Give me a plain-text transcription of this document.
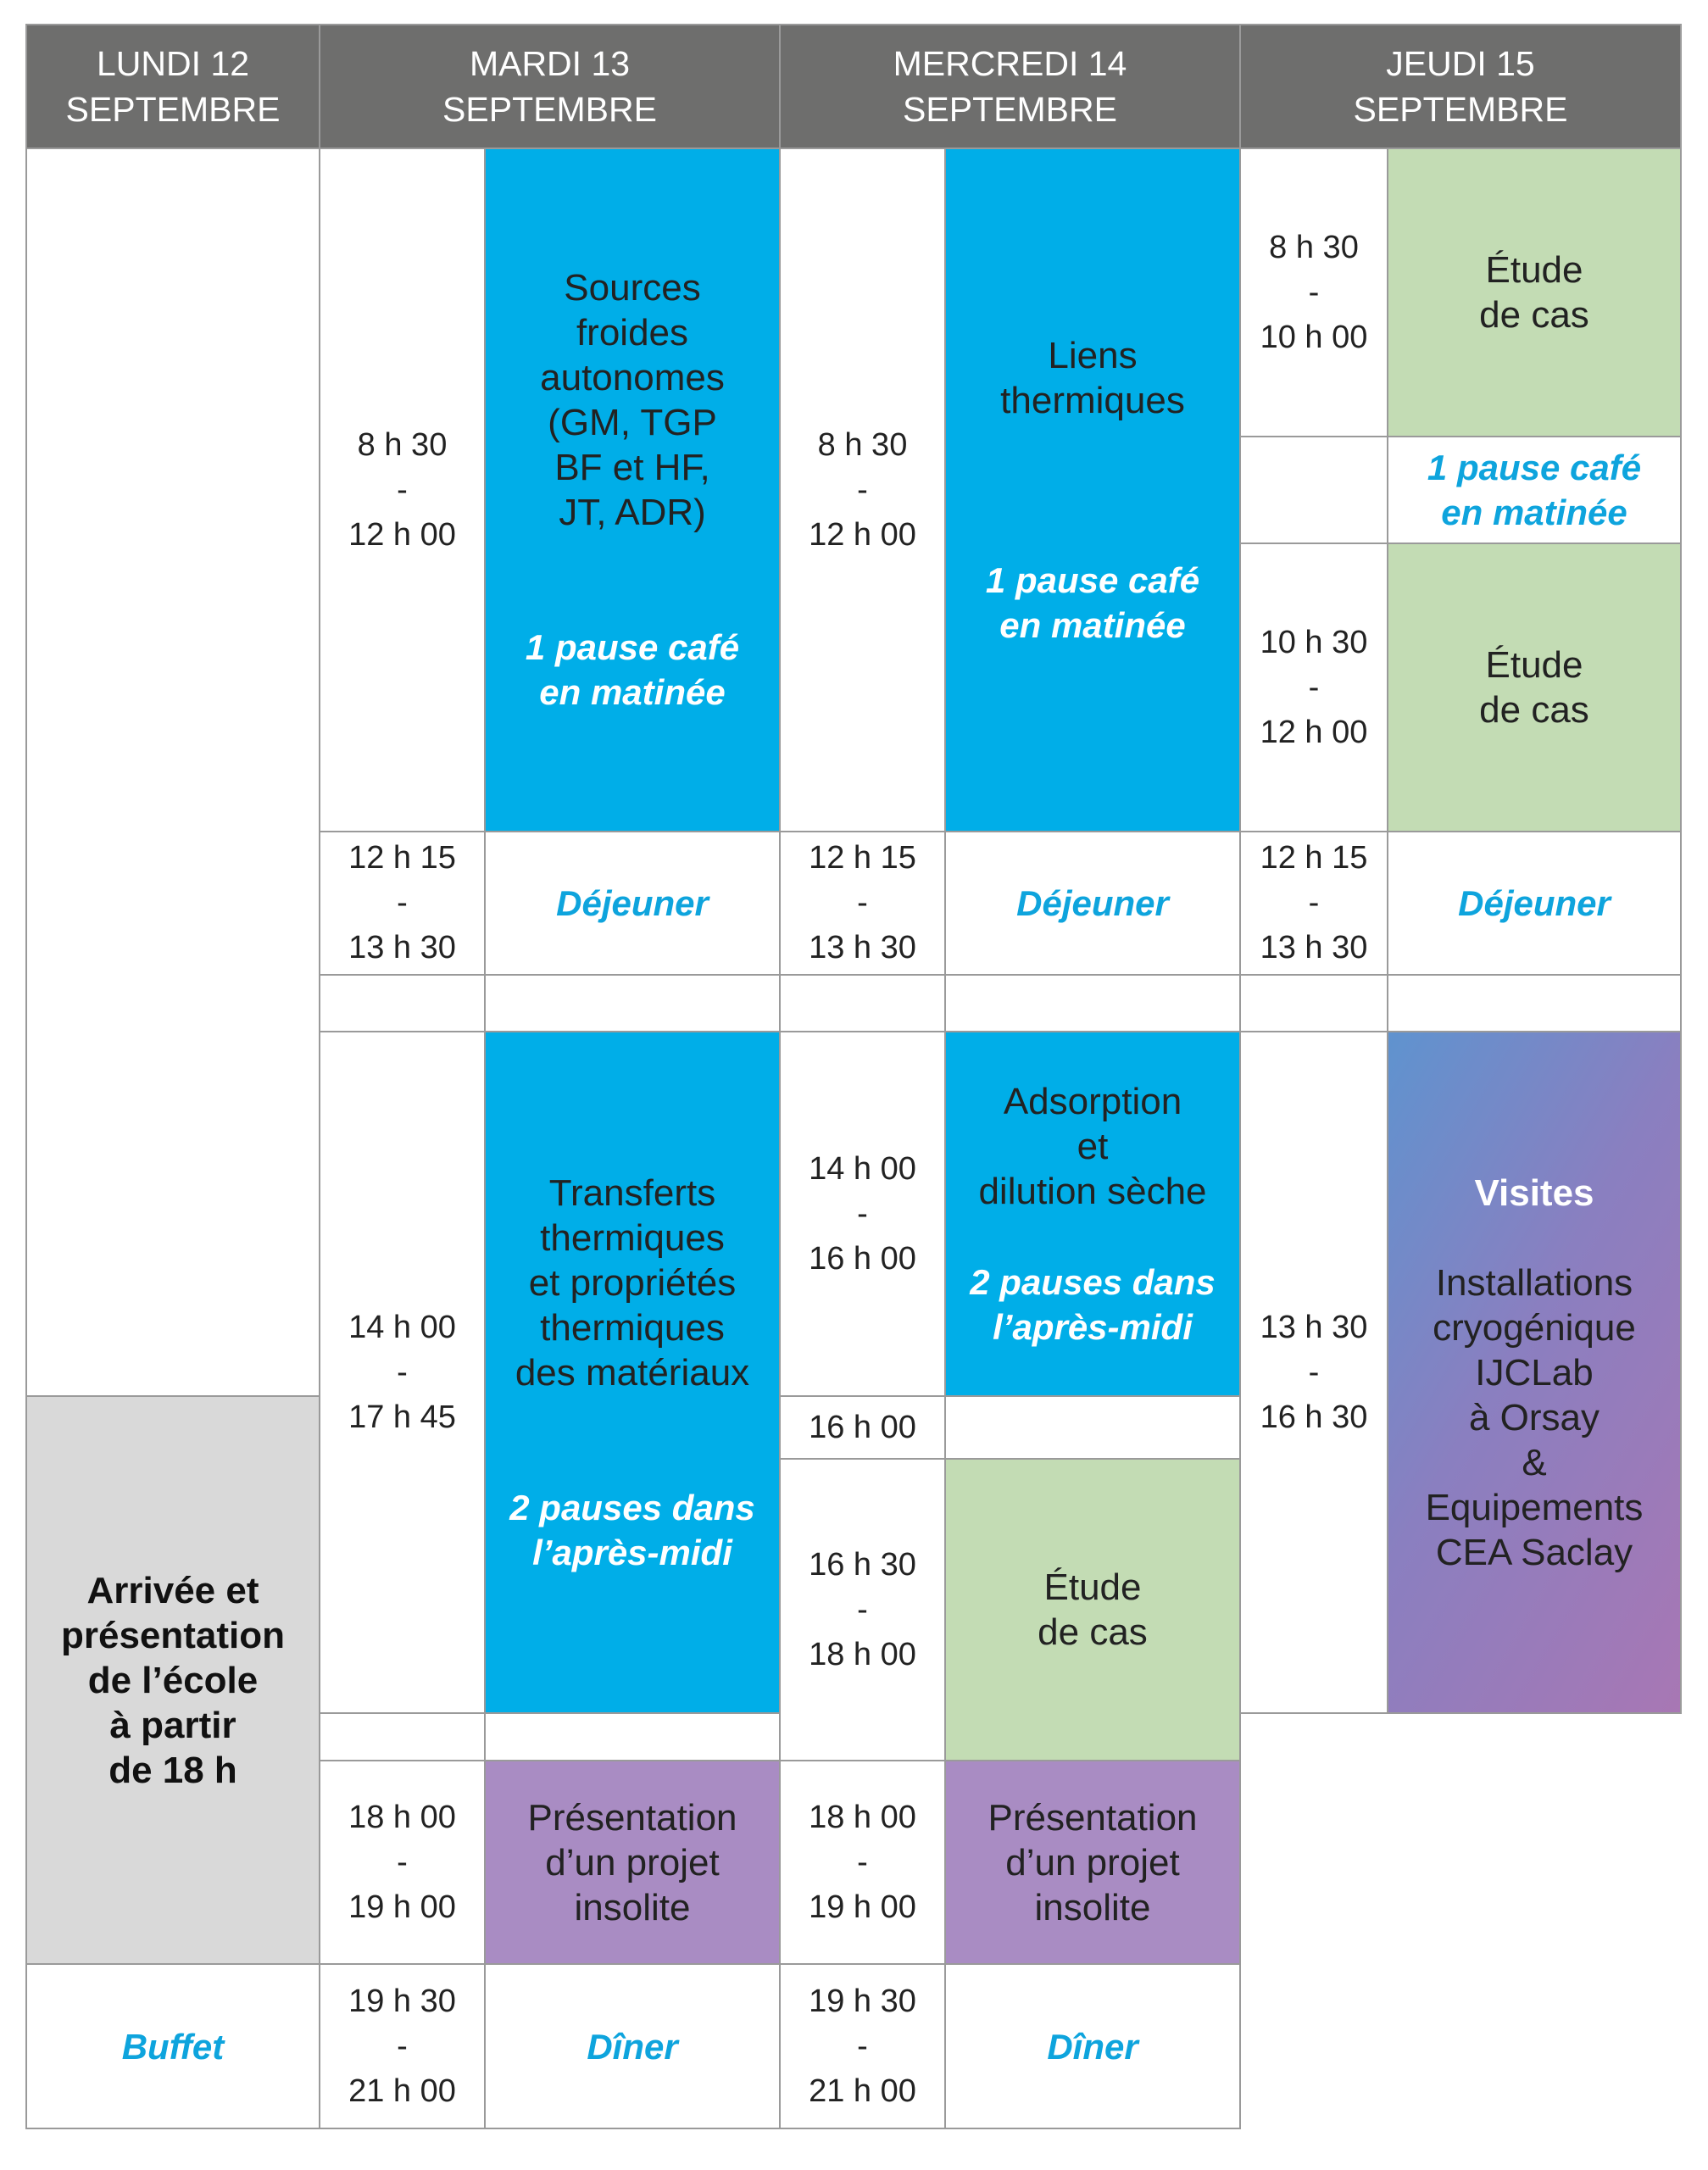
LUNDI 12
SEPTEMBRE
MARDI 13
SEPTEMBRE
MERCREDI 14
SEPTEMBRE
JEUDI 15
SEPTEMBRE
Arrivée et
présentation
de l’école
à partir
de 18 h
Buffet
8 h 30
-
12 h 00
Sources
froides
autonomes
(GM, TGP
BF et HF,
JT, ADR)
1 pause café
en matinée
12 h 15
-
13 h 30
Déjeuner
14 h 00
-
17 h 45
Transferts
thermiques
et propriétés
thermiques
des matériaux
2 pauses dans
l’après-midi
18 h 00
-
19 h 00
Présentation
d’un projet
insolite
19 h 30
-
21 h 00
Dîner
8 h 30
-
12 h 00
Liens
thermiques
1 pause café
en matinée
12 h 15
-
13 h 30
Déjeuner
14 h 00
-
16 h 00
Adsorption
et
dilution sèche
2 pauses dans
l’après-midi
16 h 00
16 h 30
-
18 h 00
Étude
de cas
18 h 00
-
19 h 00
Présentation
d’un projet
insolite
19 h 30
-
21 h 00
Dîner
8 h 30
-
10 h 00
Étude
de cas
1 pause café
en matinée
10 h 30
-
12 h 00
Étude
de cas
12 h 15
-
13 h 30
Déjeuner
13 h 30
-
16 h 30
Visites
Installations
cryogénique
IJCLab
à Orsay
&
Equipements
CEA Saclay
